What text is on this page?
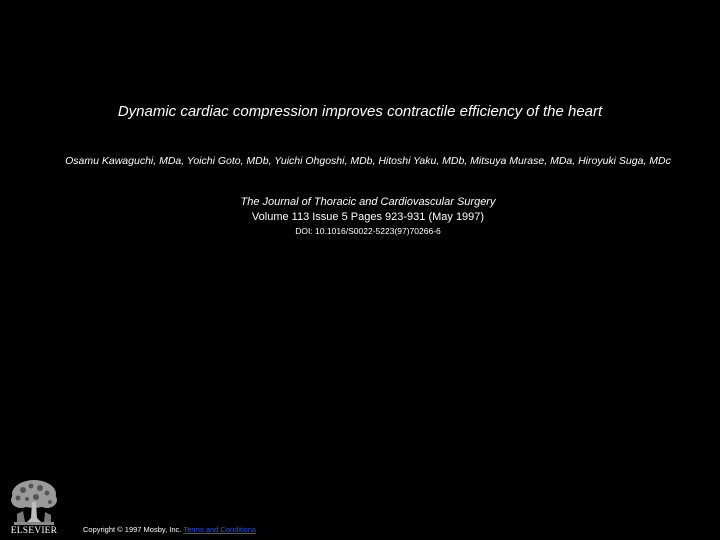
Dynamic cardiac compression improves contractile efficiency of the heart
Osamu Kawaguchi, MDa, Yoichi Goto, MDb, Yuichi Ohgoshi, MDb, Hitoshi Yaku, MDb, Mitsuya Murase, MDa, Hiroyuki Suga, MDc
The Journal of Thoracic and Cardiovascular Surgery
Volume 113 Issue 5 Pages 923-931 (May 1997)
DOI: 10.1016/S0022-5223(97)70266-6
ELSEVIER	Copyright © 1997 Mosby, Inc. Terms and Conditions
